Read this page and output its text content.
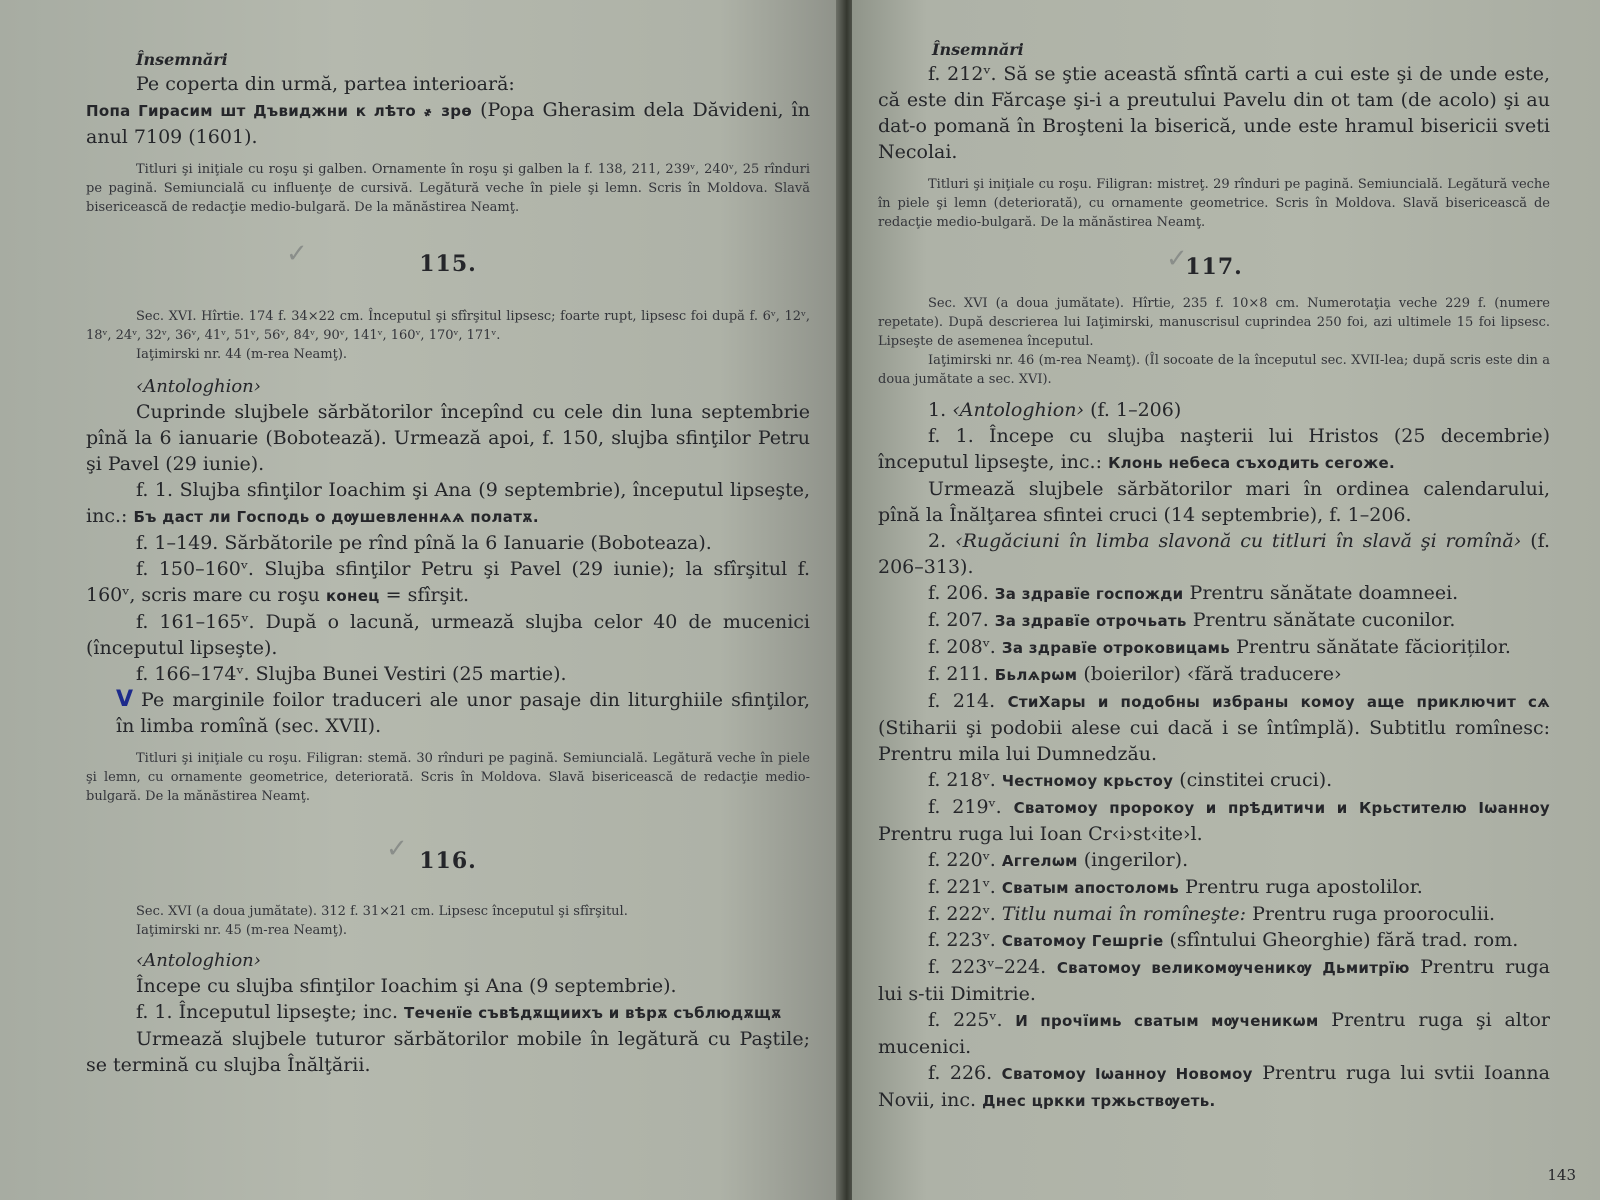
Însemnări

Pe coperta din urmă, partea interioară:
Попа Гирасим шт Дъвиджни к лѣто ҂ зрѳ (Popa Gherasim dela Dăvideni, în anul 7109 (1601).

Titluri şi iniţiale cu roşu şi galben. Ornamente în roşu şi galben la f. 138, 211, 239ᵛ, 240ᵛ, 25 rînduri pe pagină. Semiuncială cu influenţe de cursivă. Legătură veche în piele şi lemn. Scris în Moldova. Slavă bisericească de redacţie medio-bulgară. De la mănăstirea Neamţ.

✓	115.

Sec. XVI. Hîrtie. 174 f. 34×22 cm. Începutul şi sfîrşitul lipsesc; foarte rupt, lipsesc foi după f. 6ᵛ, 12ᵛ, 18ᵛ, 24ᵛ, 32ᵛ, 36ᵛ, 41ᵛ, 51ᵛ, 56ᵛ, 84ᵛ, 90ᵛ, 141ᵛ, 160ᵛ, 170ᵛ, 171ᵛ.

Iaţimirski nr. 44 (m-rea Neamţ).

‹Antologhion›

Cuprinde slujbele sărbătorilor începînd cu cele din luna septembrie pînă la 6 ianuarie (Bobotează). Urmează apoi, f. 150, slujba sfinţilor Petru şi Pavel (29 iunie).

f. 1. Slujba sfinţilor Ioachim şi Ana (9 septembrie), începutul lipseşte, inc.: Бъ даст ли Господь о дѹшевленнѧѧ полатѫ.

f. 1–149. Sărbătorile pe rînd pînă la 6 Ianuarie (Boboteaza).

f. 150–160ᵛ. Slujba sfinţilor Petru şi Pavel (29 iunie); la sfîrşitul f. 160ᵛ, scris mare cu roşu конец = sfîrşit.

f. 161–165ᵛ. După o lacună, urmează slujba celor 40 de mucenici (începutul lipseşte).

f. 166–174ᵛ. Slujba Bunei Vestiri (25 martie).

V Pe marginile foilor traduceri ale unor pasaje din liturghiile sfinţilor, în limba romînă (sec. XVII).

Titluri şi iniţiale cu roşu. Filigran: stemă. 30 rînduri pe pagină. Semiuncială. Legătură veche în piele şi lemn, cu ornamente geometrice, deteriorată. Scris în Moldova. Slavă bisericească de redacţie medio-bulgară. De la mănăstirea Neamţ.

✓ 116.

Sec. XVI (a doua jumătate). 312 f. 31×21 cm. Lipsesc începutul şi sfîrşitul.

Iaţimirski nr. 45 (m-rea Neamţ).

‹Antologhion›

Începe cu slujba sfinţilor Ioachim şi Ana (9 septembrie).

f. 1. Începutul lipseşte; inc. Теченїе съвѣдѫщиихъ и вѣрѫ съблюдѫщѫ

Urmează slujbele tuturor sărbătorilor mobile în legătură cu Paştile; se termină cu slujba Înălţării.

Însemnări

f. 212ᵛ. Să se ştie această sfîntă carti a cui este şi de unde este, că este din Fărcaşe şi-i a preutului Pavelu din ot tam (de acolo) şi au dat-o pomană în Broşteni la biserică, unde este hramul bisericii sveti Necolai.

Titluri şi iniţiale cu roşu. Filigran: mistreţ. 29 rînduri pe pagină. Semiuncială. Legătură veche în piele şi lemn (deteriorată), cu ornamente geometrice. Scris în Moldova. Slavă bisericească de redacţie medio-bulgară. De la mănăstirea Neamţ.

✓
117.

Sec. XVI (a doua jumătate). Hîrtie, 235 f. 10×8 cm. Numerotaţia veche 229 f. (numere repetate). După descrierea lui Iaţimirski, manuscrisul cuprindea 250 foi, azi ultimele 15 foi lipsesc. Lipseşte de asemenea începutul.

Iaţimirski nr. 46 (m-rea Neamţ). (Îl socoate de la începutul sec. XVII-lea; după scris este din a doua jumătate a sec. XVI).

1. ‹Antologhion› (f. 1–206)

f. 1. Începe cu slujba naşterii lui Hristos (25 decembrie) începutul lipseşte, inc.: Клонь небеса съходить сегоже.

Urmează slujbele sărbătorilor mari în ordinea calendarului, pînă la Înălţarea sfintei cruci (14 septembrie), f. 1–206.

2. ‹Rugăciuni în limba slavonă cu titluri în slavă şi romînă› (f. 206–313).

f. 206. За здравїе госпожди Prentru sănătate doamneei.

f. 207. За здравїе отрочьать Prentru sănătate cuconilor.

f. 208ᵛ. За здравїе отроковицамь Prentru sănătate făcioriților.

f. 211. Бьлѧрωм (boierilor) ‹fără traducere›

f. 214. СтиХары и подобны избраны комоу аще приключит сѧ (Stiharii şi podobii alese cui dacă i se întîmplă). Subtitlu romînesc: Prentru mila lui Dumnedzău.

f. 218ᵛ. Честномоу крьстоу (cinstitei cruci).

f. 219ᵛ. Сватомоу пророкоу и прѣдитичи и Крьстителю Iωанноу Prentru ruga lui Ioan Cr‹i›st‹ite›l.

f. 220ᵛ. Аггелωм (ingerilor).

f. 221ᵛ. Сватым апостоломь Prentru ruga apostolilor.

f. 222ᵛ. Titlu numai în romîneşte: Prentru ruga prooroculii.

f. 223ᵛ. Сватомоу Гешргiе (sfîntului Gheorghie) fără trad. rom.

f. 223ᵛ–224. Сватомоу великомѹченикѹ Дьмитрїю Prentru ruga lui s-tii Dimitrie.

f. 225ᵛ. И прочїимь сватым мѹченикωм Prentru ruga şi altor mucenici.

f. 226. Сватомоу Iωанноу Новомоу Prentru ruga lui svtii Ioanna Novii, inc. Днес цркки тржьствѹеть.

143
